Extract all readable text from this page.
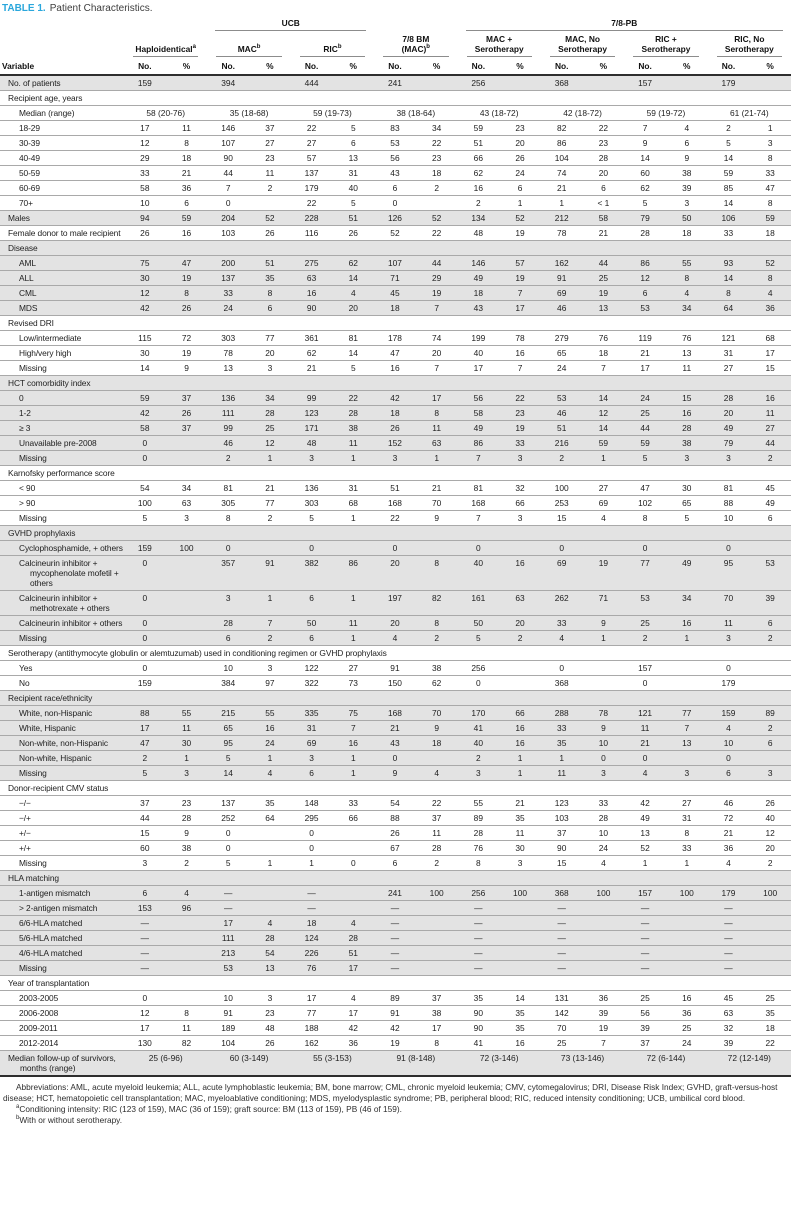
TABLE 1. Patient Characteristics.

			UCB						7/8-PB							

	Haploidentical$^a$		MAC$^b$		RIC$^b$		7/8 BM
(MAC)$^b$		MAC +
Serotherapy		MAC, No
Serotherapy		RIC +
Serotherapy		RIC, No
Serotherapy	

Variable	No.	%	No.	%	No.	%	No.	%	No.	%	No.	%	No.	%	No.	%
No. of patients	159		394		444		241		256		368		157		179	
Recipient age, years																
Median (range)	58 (20-76)		35 (18-68)		59 (19-73)		38 (18-64)		43 (18-72)		42 (18-72)		59 (19-72)		61 (21-74)	
18-29	17	11	146	37	22	5	83	34	59	23	82	22	7	4	2	1
30-39	12	8	107	27	27	6	53	22	51	20	86	23	9	6	5	3
40-49	29	18	90	23	57	13	56	23	66	26	104	28	14	9	14	8
50-59	33	21	44	11	137	31	43	18	62	24	74	20	60	38	59	33
60-69	58	36	7	2	179	40	6	2	16	6	21	6	62	39	85	47
70+	10	6	0		22	5	0		2	1	1	< 1	5	3	14	8
Males	94	59	204	52	228	51	126	52	134	52	212	58	79	50	106	59
Female donor to male recipient	26	16	103	26	116	26	52	22	48	19	78	21	28	18	33	18
Disease																
AML	75	47	200	51	275	62	107	44	146	57	162	44	86	55	93	52
ALL	30	19	137	35	63	14	71	29	49	19	91	25	12	8	14	8
CML	12	8	33	8	16	4	45	19	18	7	69	19	6	4	8	4
MDS	42	26	24	6	90	20	18	7	43	17	46	13	53	34	64	36
Revised DRI																
Low/intermediate	115	72	303	77	361	81	178	74	199	78	279	76	119	76	121	68
High/very high	30	19	78	20	62	14	47	20	40	16	65	18	21	13	31	17
Missing	14	9	13	3	21	5	16	7	17	7	24	7	17	11	27	15
HCT comorbidity index																
0	59	37	136	34	99	22	42	17	56	22	53	14	24	15	28	16
1-2	42	26	111	28	123	28	18	8	58	23	46	12	25	16	20	11
≥ 3	58	37	99	25	171	38	26	11	49	19	51	14	44	28	49	27
Unavailable pre-2008	0		46	12	48	11	152	63	86	33	216	59	59	38	79	44
Missing	0		2	1	3	1	3	1	7	3	2	1	5	3	3	2
Karnofsky performance score																
< 90	54	34	81	21	136	31	51	21	81	32	100	27	47	30	81	45
> 90	100	63	305	77	303	68	168	70	168	66	253	69	102	65	88	49
Missing	5	3	8	2	5	1	22	9	7	3	15	4	8	5	10	6
GVHD prophylaxis																
Cyclophosphamide, + others	159	100	0		0		0		0		0		0		0	
Calcineurin inhibitor + mycophenolate mofetil + others	0		357	91	382	86	20	8	40	16	69	19	77	49	95	53
Calcineurin inhibitor + methotrexate + others	0		3	1	6	1	197	82	161	63	262	71	53	34	70	39
Calcineurin inhibitor + others	0		28	7	50	11	20	8	50	20	33	9	25	16	11	6
Missing	0		6	2	6	1	4	2	5	2	4	1	2	1	3	2
Serotherapy (antithymocyte globulin or alemtuzumab) used in conditioning regimen or GVHD prophylaxis																
Yes	0		10	3	122	27	91	38	256		0		157		0	
No	159		384	97	322	73	150	62	0		368		0		179	
Recipient race/ethnicity																
White, non-Hispanic	88	55	215	55	335	75	168	70	170	66	288	78	121	77	159	89
White, Hispanic	17	11	65	16	31	7	21	9	41	16	33	9	11	7	4	2
Non-white, non-Hispanic	47	30	95	24	69	16	43	18	40	16	35	10	21	13	10	6
Non-white, Hispanic	2	1	5	1	3	1	0		2	1	1	0	0		0	
Missing	5	3	14	4	6	1	9	4	3	1	11	3	4	3	6	3
Donor-recipient CMV status																
−/−	37	23	137	35	148	33	54	22	55	21	123	33	42	27	46	26
−/+	44	28	252	64	295	66	88	37	89	35	103	28	49	31	72	40
+/−	15	9	0		0		26	11	28	11	37	10	13	8	21	12
+/+	60	38	0		0		67	28	76	30	90	24	52	33	36	20
Missing	3	2	5	1	1	0	6	2	8	3	15	4	1	1	4	2
HLA matching																
1-antigen mismatch	6	4	—		—		241	100	256	100	368	100	157	100	179	100
> 2-antigen mismatch	153	96	—		—		—		—		—		—		—	
6/6-HLA matched	—		17	4	18	4	—		—		—		—		—	
5/6-HLA matched	—		111	28	124	28	—		—		—		—		—	
4/6-HLA matched	—		213	54	226	51	—		—		—		—		—	
Missing	—		53	13	76	17	—		—		—		—		—	
Year of transplantation																
2003-2005	0		10	3	17	4	89	37	35	14	131	36	25	16	45	25
2006-2008	12	8	91	23	77	17	91	38	90	35	142	39	56	36	63	35
2009-2011	17	11	189	48	188	42	42	17	90	35	70	19	39	25	32	18
2012-2014	130	82	104	26	162	36	19	8	41	16	25	7	37	24	39	22
Median follow-up of survivors, months (range)	25 (6-96)		60 (3-149)		55 (3-153)		91 (8-148)		72 (3-146)		73 (13-146)		72 (6-144)		72 (12-149)	

Abbreviations: AML, acute myeloid leukemia; ALL, acute lymphoblastic leukemia; BM, bone marrow; CML, chronic myeloid leukemia; CMV, cytomegalovirus; DRI, Disease Risk Index; GVHD, graft-versus-host disease; HCT, hematopoietic cell transplantation; MAC, myeloablative conditioning; MDS, myelodysplastic syndrome; PB, peripheral blood; RIC, reduced intensity conditioning; UCB, umbilical cord blood.

$^a$Conditioning intensity: RIC (123 of 159), MAC (36 of 159); graft source: BM (113 of 159), PB (46 of 159).

$^b$With or without serotherapy.
